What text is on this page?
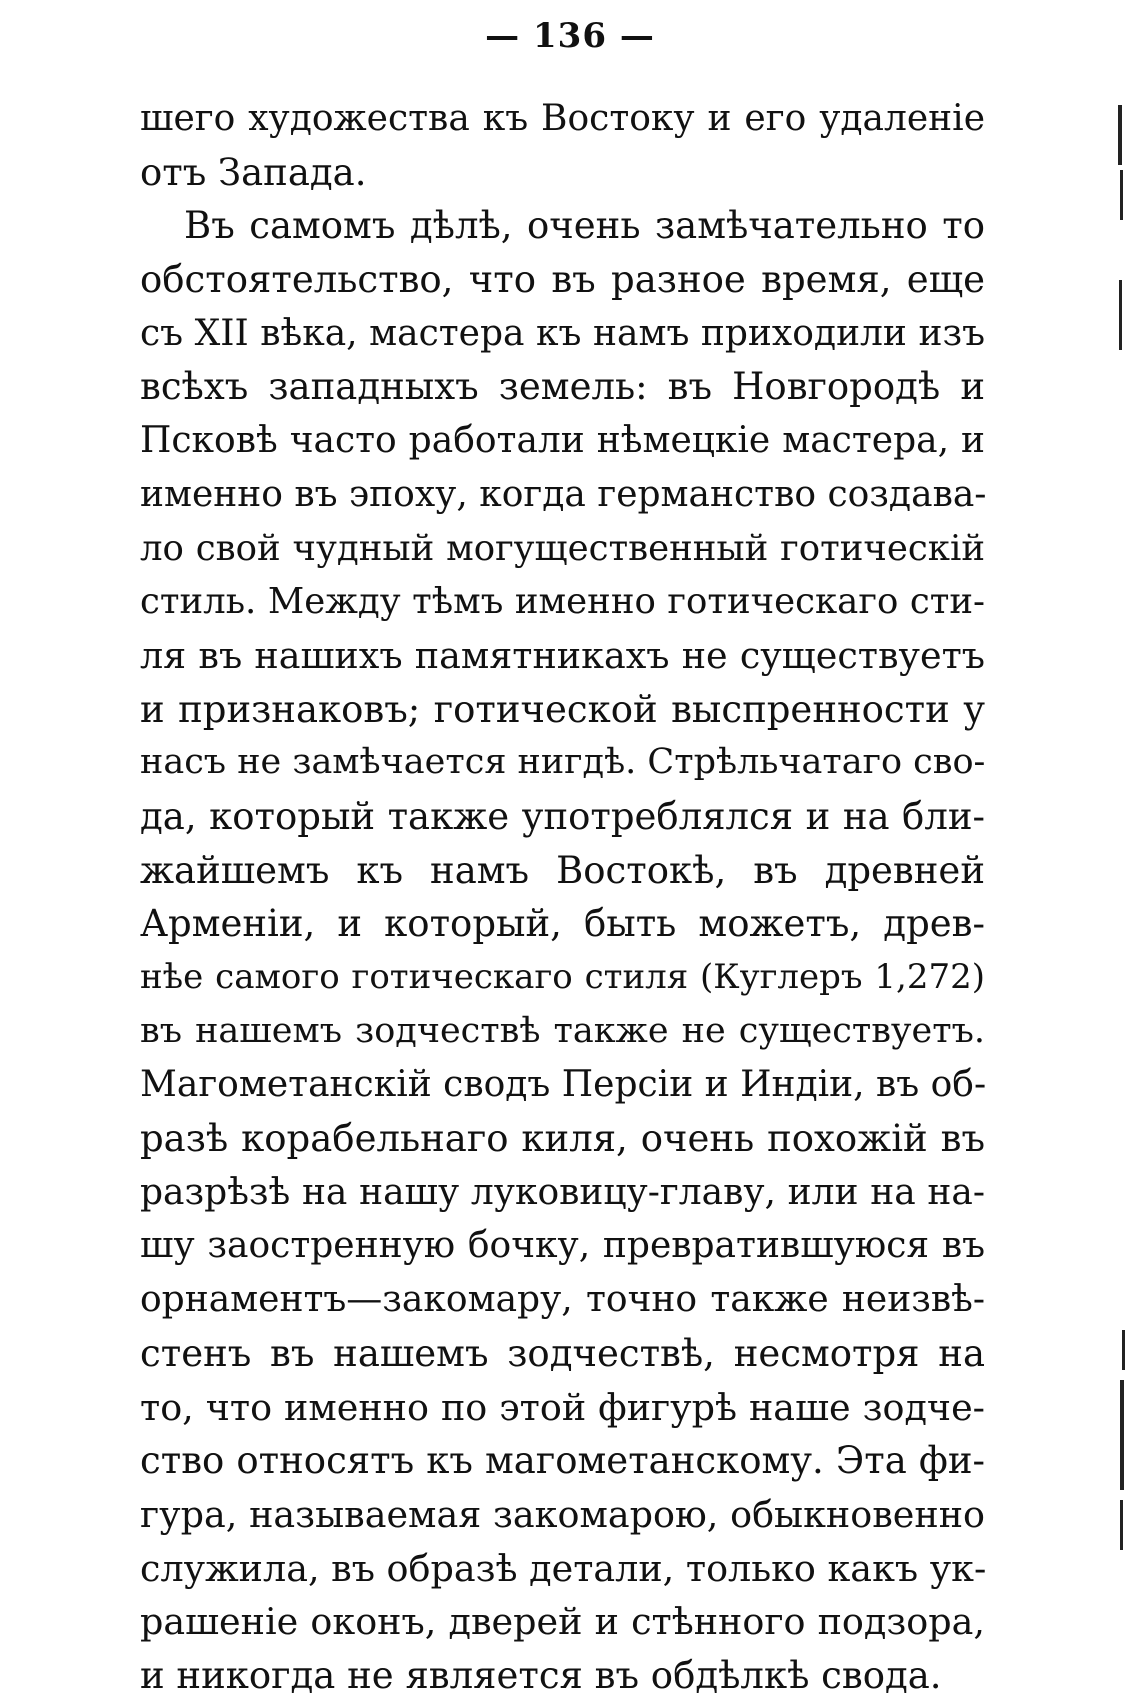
— 136 —
шего художества къ Востоку и его удаленіе
отъ Запада.
Въ самомъ дѣлѣ, очень замѣчательно то
обстоятельство, что въ разное время, еще
съ XII вѣка, мастера къ намъ приходили изъ
всѣхъ западныхъ земель: въ Новгородѣ и
Псковѣ часто работали нѣмецкіе мастера, и
именно въ эпоху, когда германство создава-
ло свой чудный могущественный готическій
стиль. Между тѣмъ именно готическаго сти-
ля въ нашихъ памятникахъ не существуетъ
и признаковъ; готической выспренности у
насъ не замѣчается нигдѣ. Стрѣльчатаго сво-
да, который также употреблялся и на бли-
жайшемъ къ намъ Востокѣ, въ древней
Арменіи, и который, быть можетъ, древ-
нѣе самого готическаго стиля (Куглеръ 1,272)
въ нашемъ зодчествѣ также не существуетъ.
Магометанскій сводъ Персіи и Индіи, въ об-
разѣ корабельнаго киля, очень похожій въ
разрѣзѣ на нашу луковицу-главу, или на на-
шу заостренную бочку, превратившуюся въ
орнаментъ—закомару, точно также неизвѣ-
стенъ въ нашемъ зодчествѣ, несмотря на
то, что именно по этой фигурѣ наше зодче-
ство относятъ къ магометанскому. Эта фи-
гура, называемая закомарою, обыкновенно
служила, въ образѣ детали, только какъ ук-
рашеніе оконъ, дверей и стѣнного подзора,
и никогда не является въ обдѣлкѣ свода.
